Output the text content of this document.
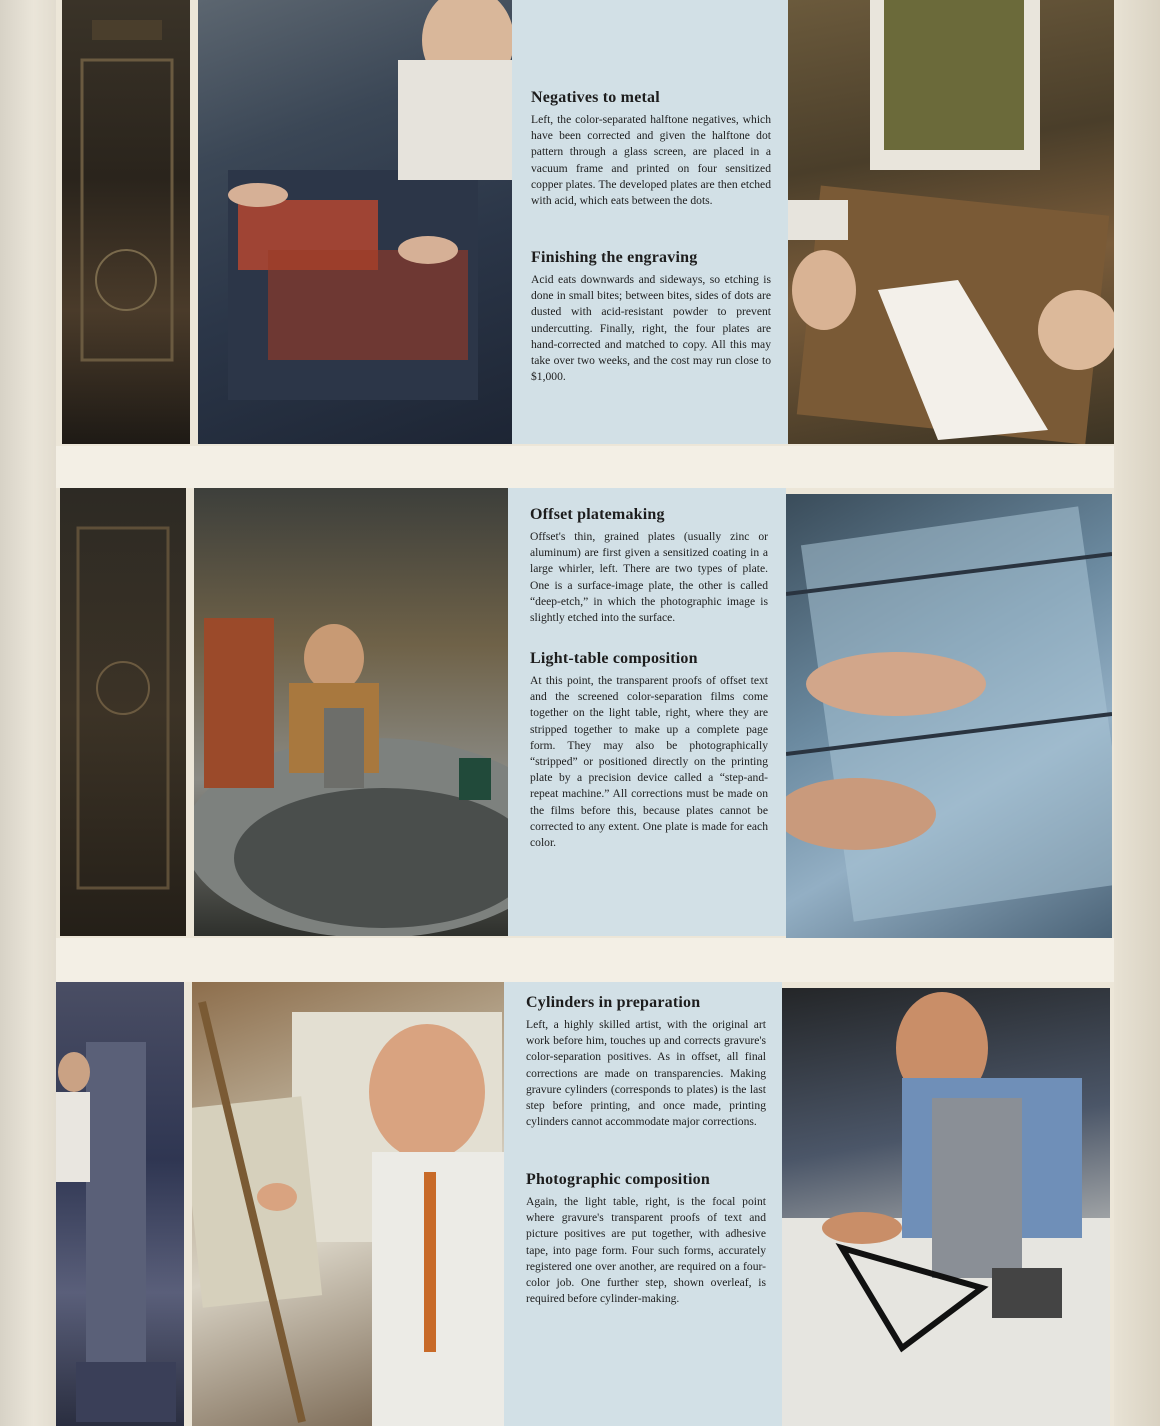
Negatives to metal

Left, the color-separated halftone negatives, which have been corrected and given the halftone dot pattern through a glass screen, are placed in a vacuum frame and printed on four sensitized copper plates. The developed plates are then etched with acid, which eats between the dots.

Finishing the engraving

Acid eats downwards and sideways, so etching is done in small bites; between bites, sides of dots are dusted with acid-resistant powder to prevent undercutting. Finally, right, the four plates are hand-corrected and matched to copy. All this may take over two weeks, and the cost may run close to $1,000.

Offset platemaking

Offset's thin, grained plates (usually zinc or aluminum) are first given a sensitized coating in a large whirler, left. There are two types of plate. One is a surface-image plate, the other is called “deep-etch,” in which the photographic image is slightly etched into the surface.

Light-table composition

At this point, the transparent proofs of offset text and the screened color-separation films come together on the light table, right, where they are stripped together to make up a complete page form. They may also be photographically “stripped” or positioned directly on the printing plate by a precision device called a “step-and-repeat machine.” All corrections must be made on the films before this, because plates cannot be corrected to any extent. One plate is made for each color.

Cylinders in preparation

Left, a highly skilled artist, with the original art work before him, touches up and corrects gravure's color-separation positives. As in offset, all final corrections are made on transparencies. Making gravure cylinders (corresponds to plates) is the last step before printing, and once made, printing cylinders cannot accommodate major corrections.

Photographic composition

Again, the light table, right, is the focal point where gravure's transparent proofs of text and picture positives are put together, with adhesive tape, into page form. Four such forms, accurately registered one over another, are required on a four-color job. One further step, shown overleaf, is required before cylinder-making.
